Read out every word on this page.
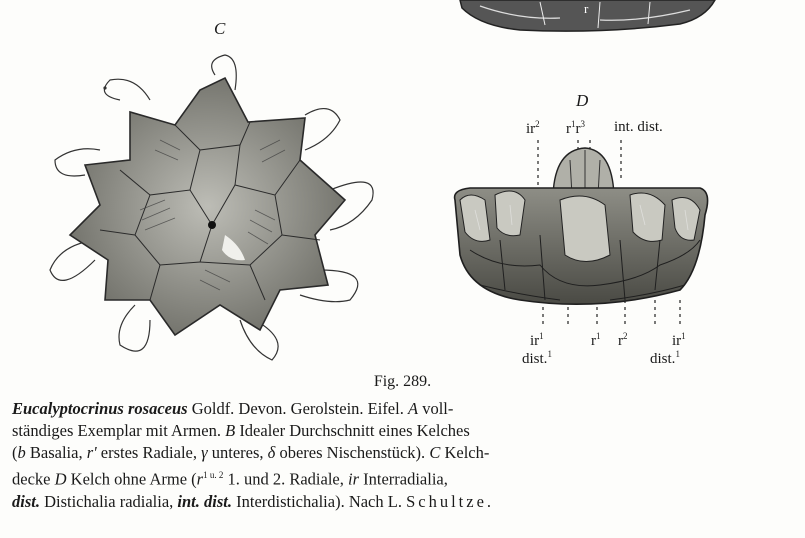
C
D
r
$ir^2$ $r^1r^3$ int. dist.
$ir^1$
dist.$^1$
$r^1$ $r^2$	$ir^1$
dist.$^1$
Fig. 289.
Eucalyptocrinus rosaceus Goldf. Devon. Gerolstein. Eifel. A voll-
ständiges Exemplar mit Armen. B Idealer Durchschnitt eines Kelches
(b Basalia, r' erstes Radiale, γ unteres, δ oberes Nischenstück). C Kelch-
decke D Kelch ohne Arme ($r^{1 u. 2}$ 1. und 2. Radiale, ir Interradialia,
dist. Distichalia radialia, int. dist. Interdistichalia). Nach L. Schultze.
